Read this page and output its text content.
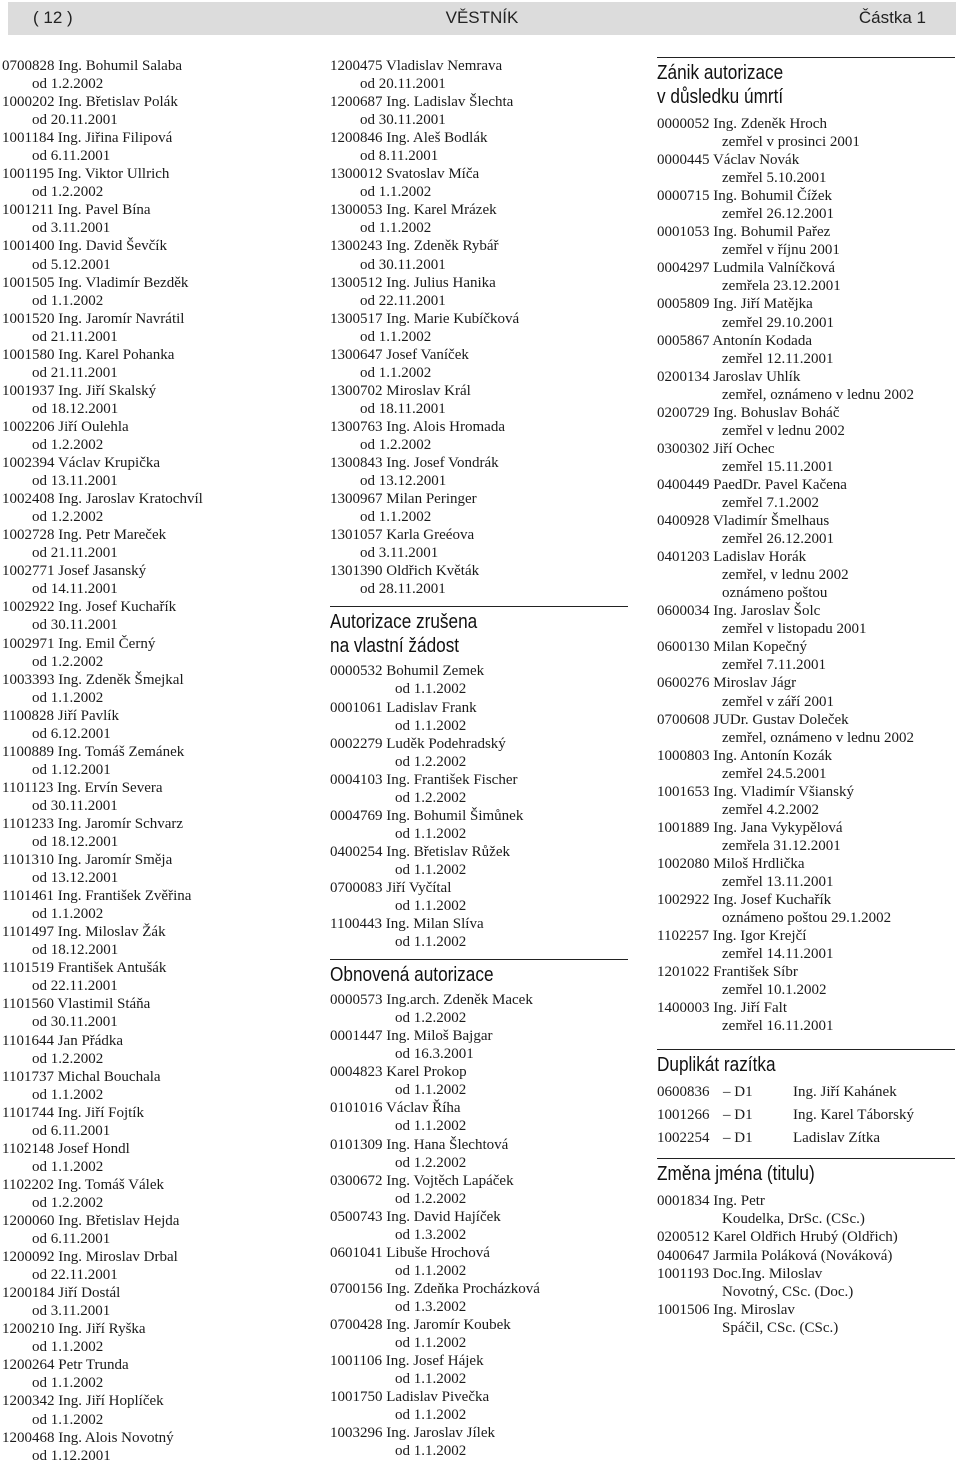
( 12 )	VĚSTNÍK	Částka 1
0700828 Ing. Bohumil Salaba
od 1.2.2002
1000202 Ing. Břetislav Polák
od 20.11.2001
1001184 Ing. Jiřina Filipová
od 6.11.2001
1001195 Ing. Viktor Ullrich
od 1.2.2002
1001211 Ing. Pavel Bína
od 3.11.2001
1001400 Ing. David Ševčík
od 5.12.2001
1001505 Ing. Vladimír Bezděk
od 1.1.2002
1001520 Ing. Jaromír Navrátil
od 21.11.2001
1001580 Ing. Karel Pohanka
od 21.11.2001
1001937 Ing. Jiří Skalský
od 18.12.2001
1002206 Jiří Oulehla
od 1.2.2002
1002394 Václav Krupička
od 13.11.2001
1002408 Ing. Jaroslav Kratochvíl
od 1.2.2002
1002728 Ing. Petr Mareček
od 21.11.2001
1002771 Josef Jasanský
od 14.11.2001
1002922 Ing. Josef Kuchařík
od 30.11.2001
1002971 Ing. Emil Černý
od 1.2.2002
1003393 Ing. Zdeněk Šmejkal
od 1.1.2002
1100828 Jiří Pavlík
od 6.12.2001
1100889 Ing. Tomáš Zemánek
od 1.12.2001
1101123 Ing. Ervín Severa
od 30.11.2001
1101233 Ing. Jaromír Schvarz
od 18.12.2001
1101310 Ing. Jaromír Směja
od 13.12.2001
1101461 Ing. František Zvěřina
od 1.1.2002
1101497 Ing. Miloslav Žák
od 18.12.2001
1101519 František Antušák
od 22.11.2001
1101560 Vlastimil Stáňa
od 30.11.2001
1101644 Jan Přádka
od 1.2.2002
1101737 Michal Bouchala
od 1.1.2002
1101744 Ing. Jiří Fojtík
od 6.11.2001
1102148 Josef Hondl
od 1.1.2002
1102202 Ing. Tomáš Válek
od 1.2.2002
1200060 Ing. Břetislav Hejda
od 6.11.2001
1200092 Ing. Miroslav Drbal
od 22.11.2001
1200184 Jiří Dostál
od 3.11.2001
1200210 Ing. Jiří Ryška
od 1.1.2002
1200264 Petr Trunda
od 1.1.2002
1200342 Ing. Jiří Hoplíček
od 1.1.2002
1200468 Ing. Alois Novotný
od 1.12.2001
1200475 Vladislav Nemrava
od 20.11.2001
1200687 Ing. Ladislav Šlechta
od 30.11.2001
1200846 Ing. Aleš Bodlák
od 8.11.2001
1300012 Svatoslav Míča
od 1.1.2002
1300053 Ing. Karel Mrázek
od 1.1.2002
1300243 Ing. Zdeněk Rybář
od 30.11.2001
1300512 Ing. Julius Hanika
od 22.11.2001
1300517 Ing. Marie Kubíčková
od 1.1.2002
1300647 Josef Vaníček
od 1.1.2002
1300702 Miroslav Král
od 18.11.2001
1300763 Ing. Alois Hromada
od 1.2.2002
1300843 Ing. Josef Vondrák
od 13.12.2001
1300967 Milan Peringer
od 1.1.2002
1301057 Karla Greéova
od 3.11.2001
1301390 Oldřich Květák
od 28.11.2001
Autorizace zrušena
na vlastní žádost
0000532 Bohumil Zemek
od 1.1.2002
0001061 Ladislav Frank
od 1.1.2002
0002279 Luděk Podehradský
od 1.2.2002
0004103 Ing. František Fischer
od 1.2.2002
0004769 Ing. Bohumil Šimůnek
od 1.1.2002
0400254 Ing. Břetislav Růžek
od 1.1.2002
0700083 Jiří Vyčítal
od 1.1.2002
1100443 Ing. Milan Slíva
od 1.1.2002
Obnovená autorizace
0000573 Ing.arch. Zdeněk Macek
od 1.2.2002
0001447 Ing. Miloš Bajgar
od 16.3.2001
0004823 Karel Prokop
od 1.1.2002
0101016 Václav Říha
od 1.1.2002
0101309 Ing. Hana Šlechtová
od 1.2.2002
0300672 Ing. Vojtěch Lapáček
od 1.2.2002
0500743 Ing. David Hajíček
od 1.3.2002
0601041 Libuše Hrochová
od 1.1.2002
0700156 Ing. Zdeňka Procházková
od 1.3.2002
0700428 Ing. Jaromír Koubek
od 1.1.2002
1001106 Ing. Josef Hájek
od 1.1.2002
1001750 Ladislav Pivečka
od 1.1.2002
1003296 Ing. Jaroslav Jílek
od 1.1.2002
Zánik autorizace
v důsledku úmrtí
0000052 Ing. Zdeněk Hroch
zemřel v prosinci 2001
0000445 Václav Novák
zemřel 5.10.2001
0000715 Ing. Bohumil Čížek
zemřel 26.12.2001
0001053 Ing. Bohumil Pařez
zemřel v říjnu 2001
0004297 Ludmila Valníčková
zemřela 23.12.2001
0005809 Ing. Jiří Matějka
zemřel 29.10.2001
0005867 Antonín Kodada
zemřel 12.11.2001
0200134 Jaroslav Uhlík
zemřel, oznámeno v lednu 2002
0200729 Ing. Bohuslav Boháč
zemřel v lednu 2002
0300302 Jiří Ochec
zemřel 15.11.2001
0400449 PaedDr. Pavel Kačena
zemřel 7.1.2002
0400928 Vladimír Šmelhaus
zemřel 26.12.2001
0401203 Ladislav Horák
zemřel, v lednu 2002
oznámeno poštou
0600034 Ing. Jaroslav Šolc
zemřel v listopadu 2001
0600130 Milan Kopečný
zemřel 7.11.2001
0600276 Miroslav Jágr
zemřel v září 2001
0700608 JUDr. Gustav Doleček
zemřel, oznámeno v lednu 2002
1000803 Ing. Antonín Kozák
zemřel 24.5.2001
1001653 Ing. Vladimír Všianský
zemřel 4.2.2002
1001889 Ing. Jana Vykypělová
zemřela 31.12.2001
1002080 Miloš Hrdlička
zemřel 13.11.2001
1002922 Ing. Josef Kuchařík
oznámeno poštou 29.1.2002
1102257 Ing. Igor Krejčí
zemřel 14.11.2001
1201022 František Síbr
zemřel 10.1.2002
1400003 Ing. Jiří Falt
zemřel 16.11.2001
Duplikát razítka
0600836	– D1	Ing. Jiří Kahánek
1001266	– D1	Ing. Karel Táborský
1002254	– D1	Ladislav Zítka
Změna jména (titulu)
0001834 Ing. Petr
Koudelka, DrSc. (CSc.)
0200512 Karel Oldřich Hrubý (Oldřich)
0400647 Jarmila Poláková (Nováková)
1001193 Doc.Ing. Miloslav
Novotný, CSc. (Doc.)
1001506 Ing. Miroslav
Spáčil, CSc. (CSc.)
